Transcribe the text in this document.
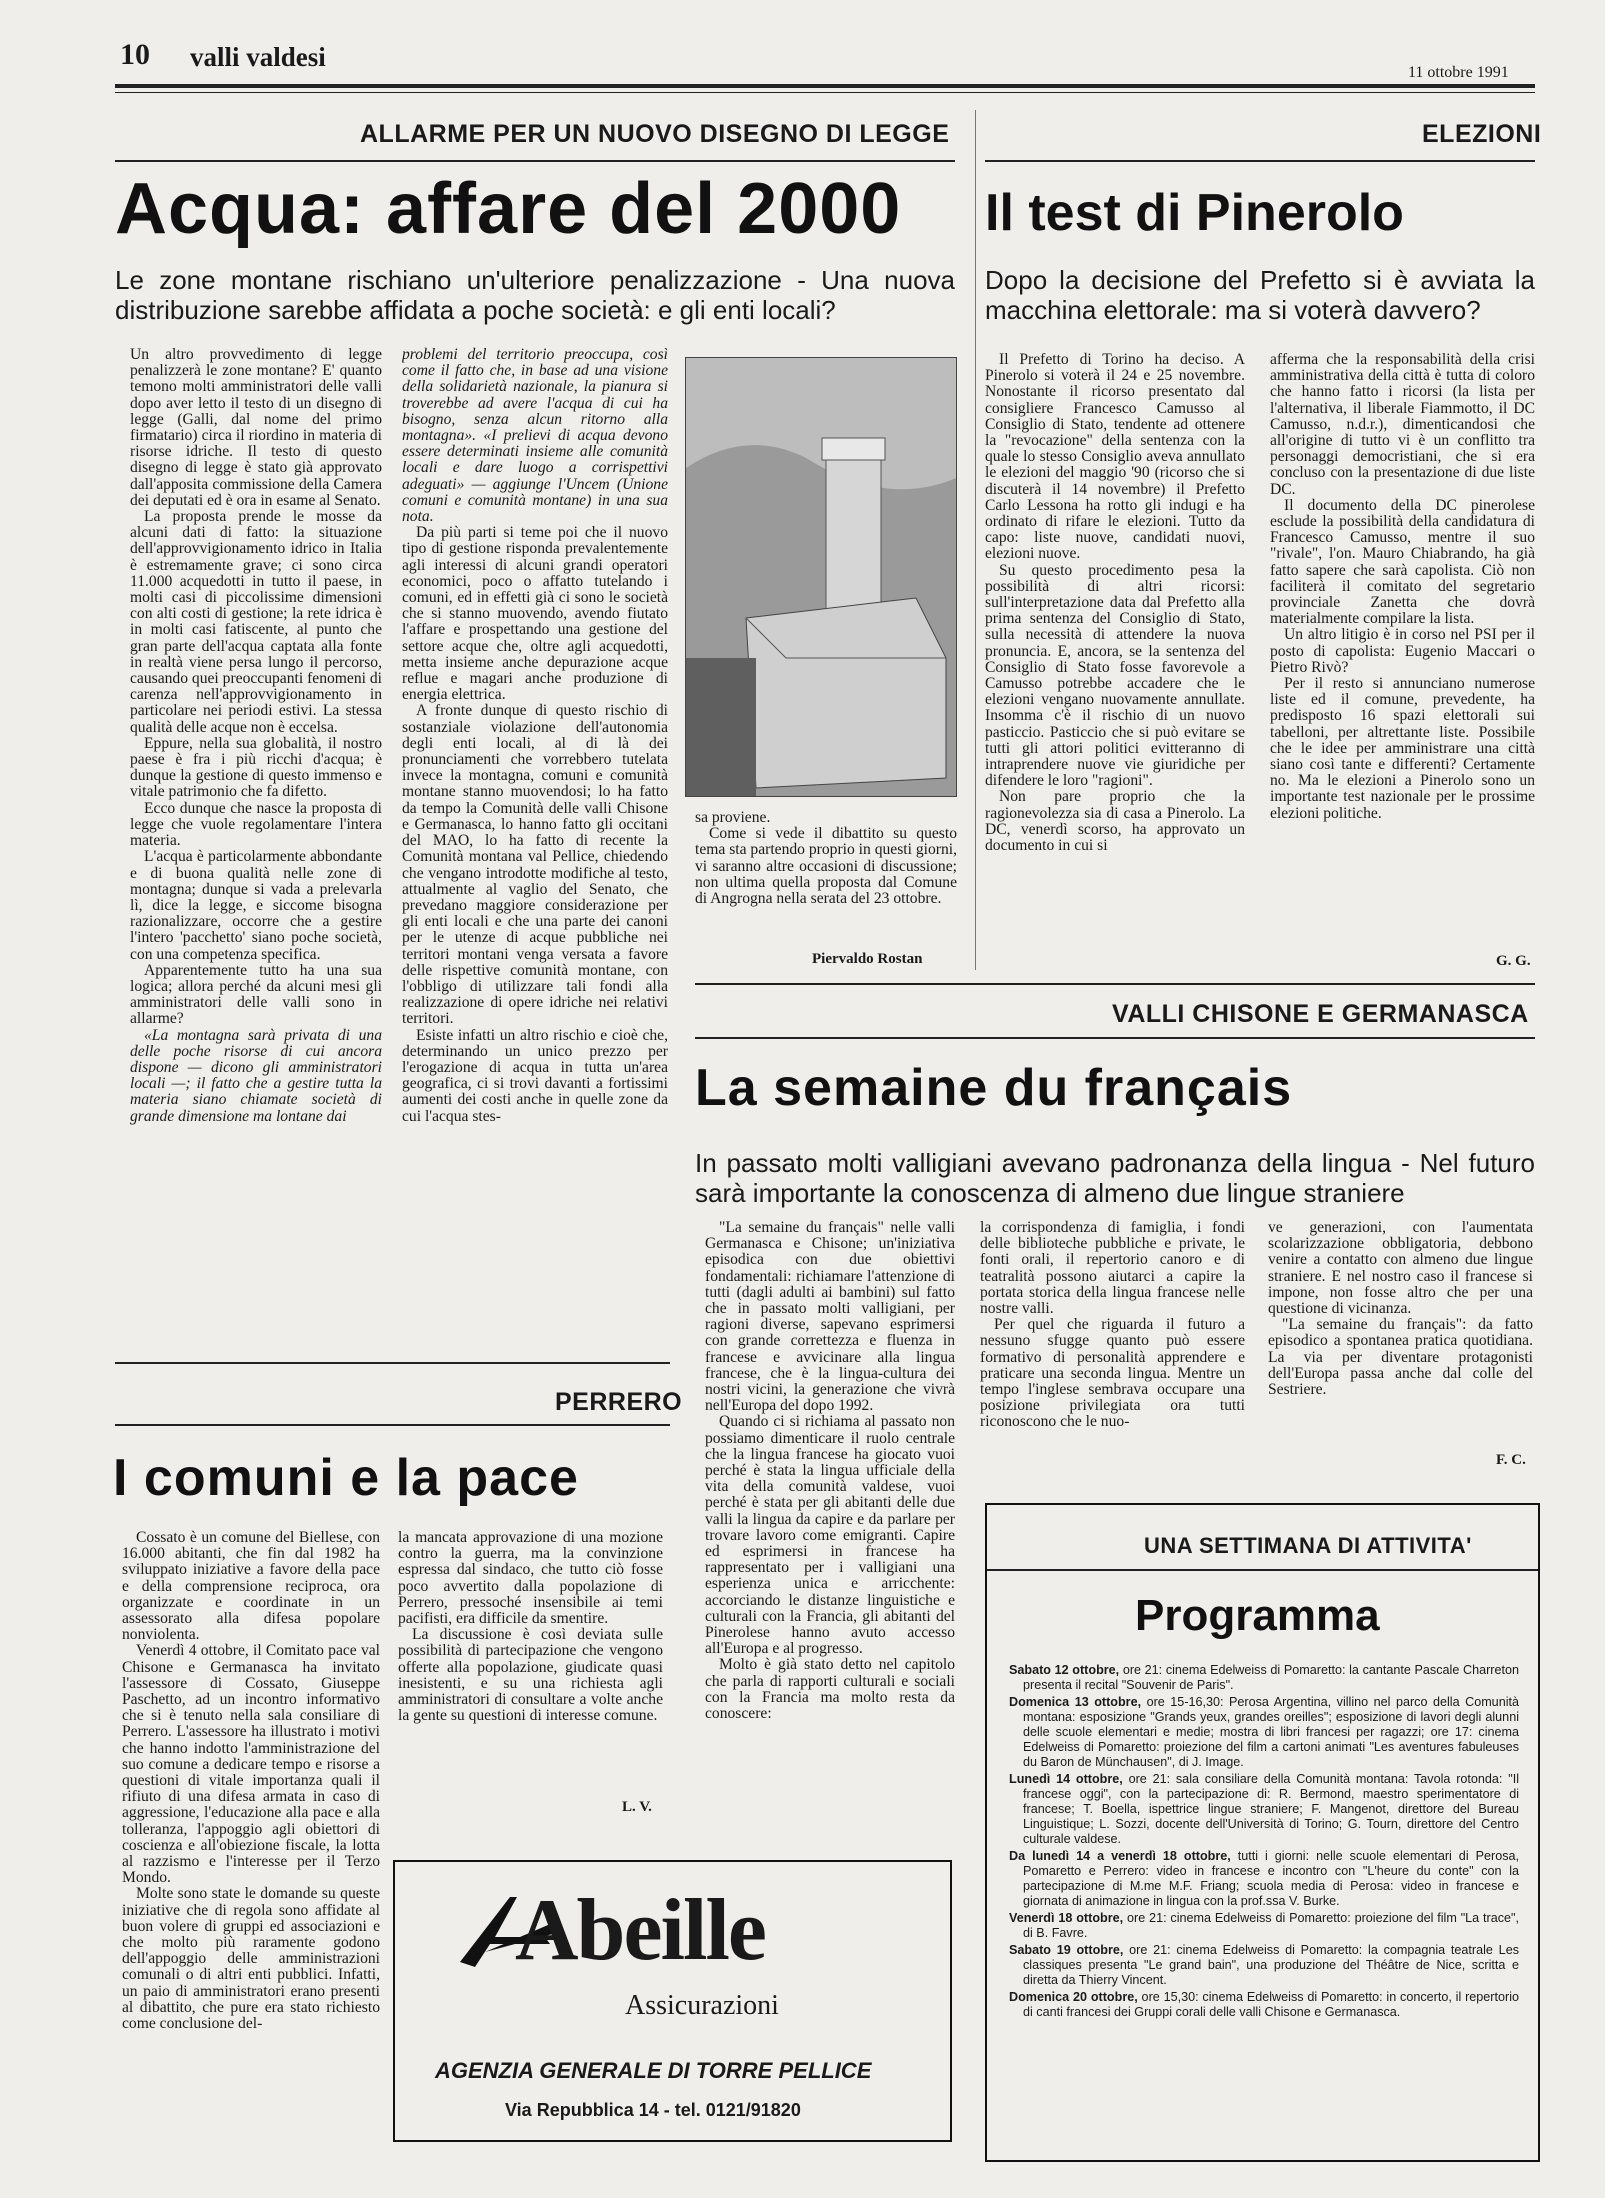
10 valli valdesi
11 ottobre 1991
ALLARME PER UN NUOVO DISEGNO DI LEGGE
Acqua: affare del 2000
Le zone montane rischiano un'ulteriore penalizzazione - Una nuova distribuzione sarebbe affidata a poche società: e gli enti locali?

Un altro provvedimento di legge penalizzerà le zone montane? E' quanto temono molti amministratori delle valli dopo aver letto il testo di un disegno di legge (Galli, dal nome del primo firmatario) circa il riordino in materia di risorse idriche. Il testo di questo disegno di legge è stato già approvato dall'apposita commissione della Camera dei deputati ed è ora in esame al Senato.

La proposta prende le mosse da alcuni dati di fatto: la situazione dell'approvvigionamento idrico in Italia è estremamente grave; ci sono circa 11.000 acquedotti in tutto il paese, in molti casi di piccolissime dimensioni con alti costi di gestione; la rete idrica è in molti casi fatiscente, al punto che gran parte dell'acqua captata alla fonte in realtà viene persa lungo il percorso, causando quei preoccupanti fenomeni di carenza nell'approvvigionamento in particolare nei periodi estivi. La stessa qualità delle acque non è eccelsa.

Eppure, nella sua globalità, il nostro paese è fra i più ricchi d'acqua; è dunque la gestione di questo immenso e vitale patrimonio che fa difetto.

Ecco dunque che nasce la proposta di legge che vuole regolamentare l'intera materia.

L'acqua è particolarmente abbondante e di buona qualità nelle zone di montagna; dunque si vada a prelevarla lì, dice la legge, e siccome bisogna razionalizzare, occorre che a gestire l'intero 'pacchetto' siano poche società, con una competenza specifica.

Apparentemente tutto ha una sua logica; allora perché da alcuni mesi gli amministratori delle valli sono in allarme?

«La montagna sarà privata di una delle poche risorse di cui ancora dispone — dicono gli amministratori locali —; il fatto che a gestire tutta la materia siano chiamate società di grande dimensione ma lontane dai

problemi del territorio preoccupa, così come il fatto che, in base ad una visione della solidarietà nazionale, la pianura si troverebbe ad avere l'acqua di cui ha bisogno, senza alcun ritorno alla montagna». «I prelievi di acqua devono essere determinati insieme alle comunità locali e dare luogo a corrispettivi adeguati» — aggiunge l'Uncem (Unione comuni e comunità montane) in una sua nota.

Da più parti si teme poi che il nuovo tipo di gestione risponda prevalentemente agli interessi di alcuni grandi operatori economici, poco o affatto tutelando i comuni, ed in effetti già ci sono le società che si stanno muovendo, avendo fiutato l'affare e prospettando una gestione del settore acque che, oltre agli acquedotti, metta insieme anche depurazione acque reflue e magari anche produzione di energia elettrica.

A fronte dunque di questo rischio di sostanziale violazione dell'autonomia degli enti locali, al di là dei pronunciamenti che vorrebbero tutelata invece la montagna, comuni e comunità montane stanno muovendosi; lo ha fatto da tempo la Comunità delle valli Chisone e Germanasca, lo hanno fatto gli occitani del MAO, lo ha fatto di recente la Comunità montana val Pellice, chiedendo che vengano introdotte modifiche al testo, attualmente al vaglio del Senato, che prevedano maggiore considerazione per gli enti locali e che una parte dei canoni per le utenze di acque pubbliche nei territori montani venga versata a favore delle rispettive comunità montane, con l'obbligo di utilizzare tali fondi alla realizzazione di opere idriche nei relativi territori.

Esiste infatti un altro rischio e cioè che, determinando un unico prezzo per l'erogazione di acqua in tutta un'area geografica, ci si trovi davanti a fortissimi aumenti dei costi anche in quelle zone da cui l'acqua stes-

sa proviene.

Come si vede il dibattito su questo tema sta partendo proprio in questi giorni, vi saranno altre occasioni di discussione; non ultima quella proposta dal Comune di Angrogna nella serata del 23 ottobre.

Piervaldo Rostan
ELEZIONI
Il test di Pinerolo
Dopo la decisione del Prefetto si è avviata la macchina elettorale: ma si voterà davvero?

Il Prefetto di Torino ha deciso. A Pinerolo si voterà il 24 e 25 novembre. Nonostante il ricorso presentato dal consigliere Francesco Camusso al Consiglio di Stato, tendente ad ottenere la "revocazione" della sentenza con la quale lo stesso Consiglio aveva annullato le elezioni del maggio '90 (ricorso che si discuterà il 14 novembre) il Prefetto Carlo Lessona ha rotto gli indugi e ha ordinato di rifare le elezioni. Tutto da capo: liste nuove, candidati nuovi, elezioni nuove.

Su questo procedimento pesa la possibilità di altri ricorsi: sull'interpretazione data dal Prefetto alla prima sentenza del Consiglio di Stato, sulla necessità di attendere la nuova pronuncia. E, ancora, se la sentenza del Consiglio di Stato fosse favorevole a Camusso potrebbe accadere che le elezioni vengano nuovamente annullate. Insomma c'è il rischio di un nuovo pasticcio. Pasticcio che si può evitare se tutti gli attori politici evitteranno di intraprendere nuove vie giuridiche per difendere le loro "ragioni".

Non pare proprio che la ragionevolezza sia di casa a Pinerolo. La DC, venerdì scorso, ha approvato un documento in cui si

afferma che la responsabilità della crisi amministrativa della città è tutta di coloro che hanno fatto i ricorsi (la lista per l'alternativa, il liberale Fiammotto, il DC Camusso, n.d.r.), dimenticandosi che all'origine di tutto vi è un conflitto tra personaggi democristiani, che si era concluso con la presentazione di due liste DC.

Il documento della DC pinerolese esclude la possibilità della candidatura di Francesco Camusso, mentre il suo "rivale", l'on. Mauro Chiabrando, ha già fatto sapere che sarà capolista. Ciò non faciliterà il comitato del segretario provinciale Zanetta che dovrà materialmente compilare la lista.

Un altro litigio è in corso nel PSI per il posto di capolista: Eugenio Maccari o Pietro Rivò?

Per il resto si annunciano numerose liste ed il comune, prevedente, ha predisposto 16 spazi elettorali sui tabelloni, per altrettante liste. Possibile che le idee per amministrare una città siano così tante e differenti? Certamente no. Ma le elezioni a Pinerolo sono un importante test nazionale per le prossime elezioni politiche.

G. G.
VALLI CHISONE E GERMANASCA
La semaine du français
In passato molti valligiani avevano padronanza della lingua - Nel futuro sarà importante la conoscenza di almeno due lingue straniere

"La semaine du français" nelle valli Germanasca e Chisone; un'iniziativa episodica con due obiettivi fondamentali: richiamare l'attenzione di tutti (dagli adulti ai bambini) sul fatto che in passato molti valligiani, per ragioni diverse, sapevano esprimersi con grande correttezza e fluenza in francese e avvicinare alla lingua francese, che è la lingua-cultura dei nostri vicini, la generazione che vivrà nell'Europa del dopo 1992.

Quando ci si richiama al passato non possiamo dimenticare il ruolo centrale che la lingua francese ha giocato vuoi perché è stata la lingua ufficiale della vita della comunità valdese, vuoi perché è stata per gli abitanti delle due valli la lingua da capire e da parlare per trovare lavoro come emigranti. Capire ed esprimersi in francese ha rappresentato per i valligiani una esperienza unica e arricchente: accorciando le distanze linguistiche e culturali con la Francia, gli abitanti del Pinerolese hanno avuto accesso all'Europa e al progresso.

Molto è già stato detto nel capitolo che parla di rapporti culturali e sociali con la Francia ma molto resta da conoscere:

la corrispondenza di famiglia, i fondi delle biblioteche pubbliche e private, le fonti orali, il repertorio canoro e di teatralità possono aiutarci a capire la portata storica della lingua francese nelle nostre valli.

Per quel che riguarda il futuro a nessuno sfugge quanto può essere formativo di personalità apprendere e praticare una seconda lingua. Mentre un tempo l'inglese sembrava occupare una posizione privilegiata ora tutti riconoscono che le nuo-

ve generazioni, con l'aumentata scolarizzazione obbligatoria, debbono venire a contatto con almeno due lingue straniere. E nel nostro caso il francese si impone, non fosse altro che per una questione di vicinanza.

"La semaine du français": da fatto episodico a spontanea pratica quotidiana. La via per diventare protagonisti dell'Europa passa anche dal colle del Sestriere.

F. C.
PERRERO
I comuni e la pace

Cossato è un comune del Biellese, con 16.000 abitanti, che fin dal 1982 ha sviluppato iniziative a favore della pace e della comprensione reciproca, ora organizzate e coordinate in un assessorato alla difesa popolare nonviolenta.

Venerdì 4 ottobre, il Comitato pace val Chisone e Germanasca ha invitato l'assessore di Cossato, Giuseppe Paschetto, ad un incontro informativo che si è tenuto nella sala consiliare di Perrero. L'assessore ha illustrato i motivi che hanno indotto l'amministrazione del suo comune a dedicare tempo e risorse a questioni di vitale importanza quali il rifiuto di una difesa armata in caso di aggressione, l'educazione alla pace e alla tolleranza, l'appoggio agli obiettori di coscienza e all'obiezione fiscale, la lotta al razzismo e l'interesse per il Terzo Mondo.

Molte sono state le domande su queste iniziative che di regola sono affidate al buon volere di gruppi ed associazioni e che molto più raramente godono dell'appoggio delle amministrazioni comunali o di altri enti pubblici. Infatti, un paio di amministratori erano presenti al dibattito, che pure era stato richiesto come conclusione del-

la mancata approvazione di una mozione contro la guerra, ma la convinzione espressa dal sindaco, che tutto ciò fosse poco avvertito dalla popolazione di Perrero, pressoché insensibile ai temi pacifisti, era difficile da smentire.

La discussione è così deviata sulle possibilità di partecipazione che vengono offerte alla popolazione, giudicate quasi inesistenti, e su una richiesta agli amministratori di consultare a volte anche la gente su questioni di interesse comune.

L. V.
Abeille
Assicurazioni
AGENZIA GENERALE DI TORRE PELLICE
Via Repubblica 14 - tel. 0121/91820
UNA SETTIMANA DI ATTIVITA'
Programma

Sabato 12 ottobre, ore 21: cinema Edelweiss di Pomaretto: la cantante Pascale Charreton presenta il recital "Souvenir de Paris".

Domenica 13 ottobre, ore 15-16,30: Perosa Argentina, villino nel parco della Comunità montana: esposizione "Grands yeux, grandes oreilles"; esposizione di lavori degli alunni delle scuole elementari e medie; mostra di libri francesi per ragazzi; ore 17: cinema Edelweiss di Pomaretto: proiezione del film a cartoni animati "Les aventures fabuleuses du Baron de Münchausen", di J. Image.

Lunedì 14 ottobre, ore 21: sala consiliare della Comunità montana: Tavola rotonda: "Il francese oggi", con la partecipazione di: R. Bermond, maestro sperimentatore di francese; T. Boella, ispettrice lingue straniere; F. Mangenot, direttore del Bureau Linguistique; L. Sozzi, docente dell'Università di Torino; G. Tourn, direttore del Centro culturale valdese.

Da lunedì 14 a venerdì 18 ottobre, tutti i giorni: nelle scuole elementari di Perosa, Pomaretto e Perrero: video in francese e incontro con "L'heure du conte" con la partecipazione di M.me M.F. Friang; scuola media di Perosa: video in francese e giornata di animazione in lingua con la prof.ssa V. Burke.

Venerdì 18 ottobre, ore 21: cinema Edelweiss di Pomaretto: proiezione del film "La trace", di B. Favre.

Sabato 19 ottobre, ore 21: cinema Edelweiss di Pomaretto: la compagnia teatrale Les classiques presenta "Le grand bain", una produzione del Théâtre de Nice, scritta e diretta da Thierry Vincent.

Domenica 20 ottobre, ore 15,30: cinema Edelweiss di Pomaretto: in concerto, il repertorio di canti francesi dei Gruppi corali delle valli Chisone e Germanasca.
